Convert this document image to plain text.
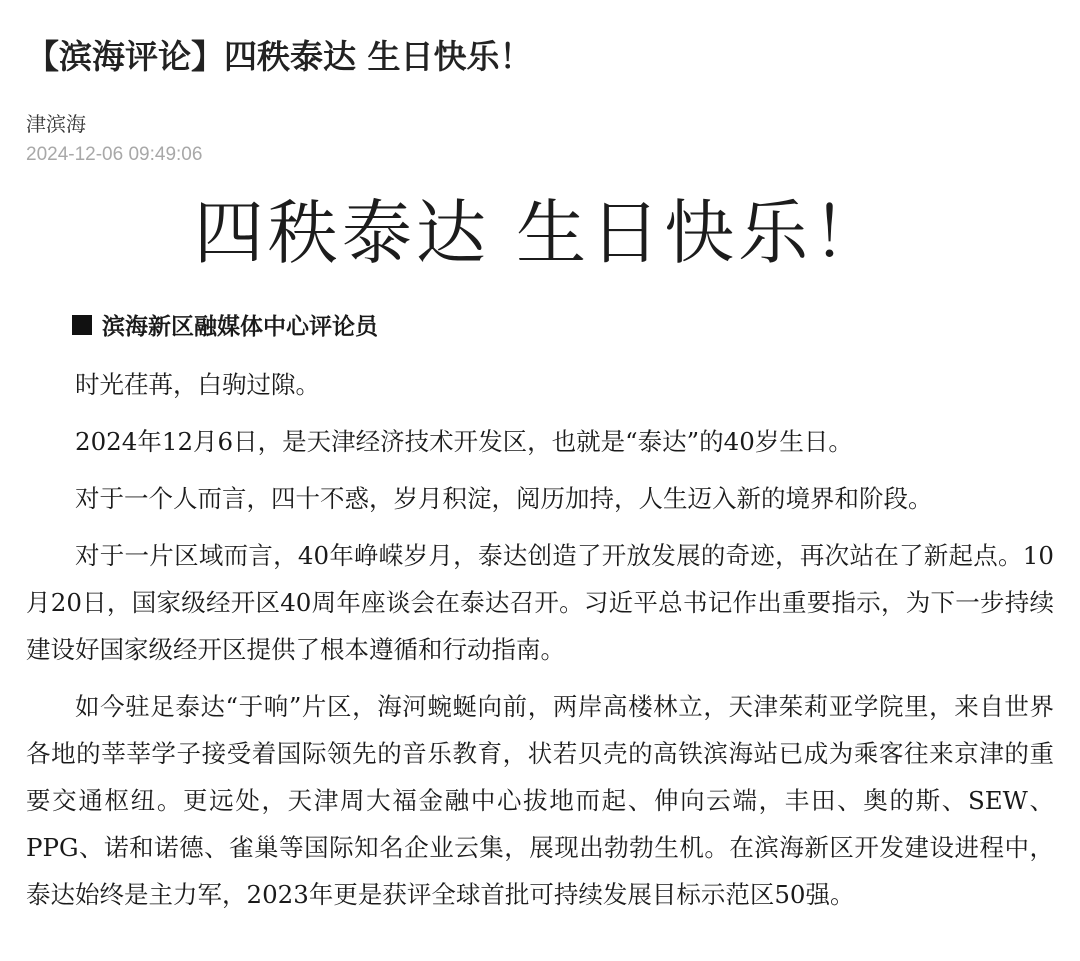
【滨海评论】四秩泰达 生日快乐！
津滨海
2024-12-06 09:49:06
四秩泰达 生日快乐！

滨海新区融媒体中心评论员

时光荏苒，白驹过隙。

2024年12月6日，是天津经济技术开发区，也就是“泰达”的40岁生日。

对于一个人而言，四十不惑，岁月积淀，阅历加持，人生迈入新的境界和阶段。

对于一片区域而言，40年峥嵘岁月，泰达创造了开放发展的奇迹，再次站在了新起点。10月20日，国家级经开区40周年座谈会在泰达召开。习近平总书记作出重要指示，为下一步持续建设好国家级经开区提供了根本遵循和行动指南。

如今驻足泰达“于响”片区，海河蜿蜒向前，两岸高楼林立，天津茱莉亚学院里，来自世界各地的莘莘学子接受着国际领先的音乐教育，状若贝壳的高铁滨海站已成为乘客往来京津的重要交通枢纽。更远处，天津周大福金融中心拔地而起、伸向云端，丰田、奥的斯、SEW、PPG、诺和诺德、雀巢等国际知名企业云集，展现出勃勃生机。在滨海新区开发建设进程中，泰达始终是主力军，2023年更是获评全球首批可持续发展目标示范区50强。
